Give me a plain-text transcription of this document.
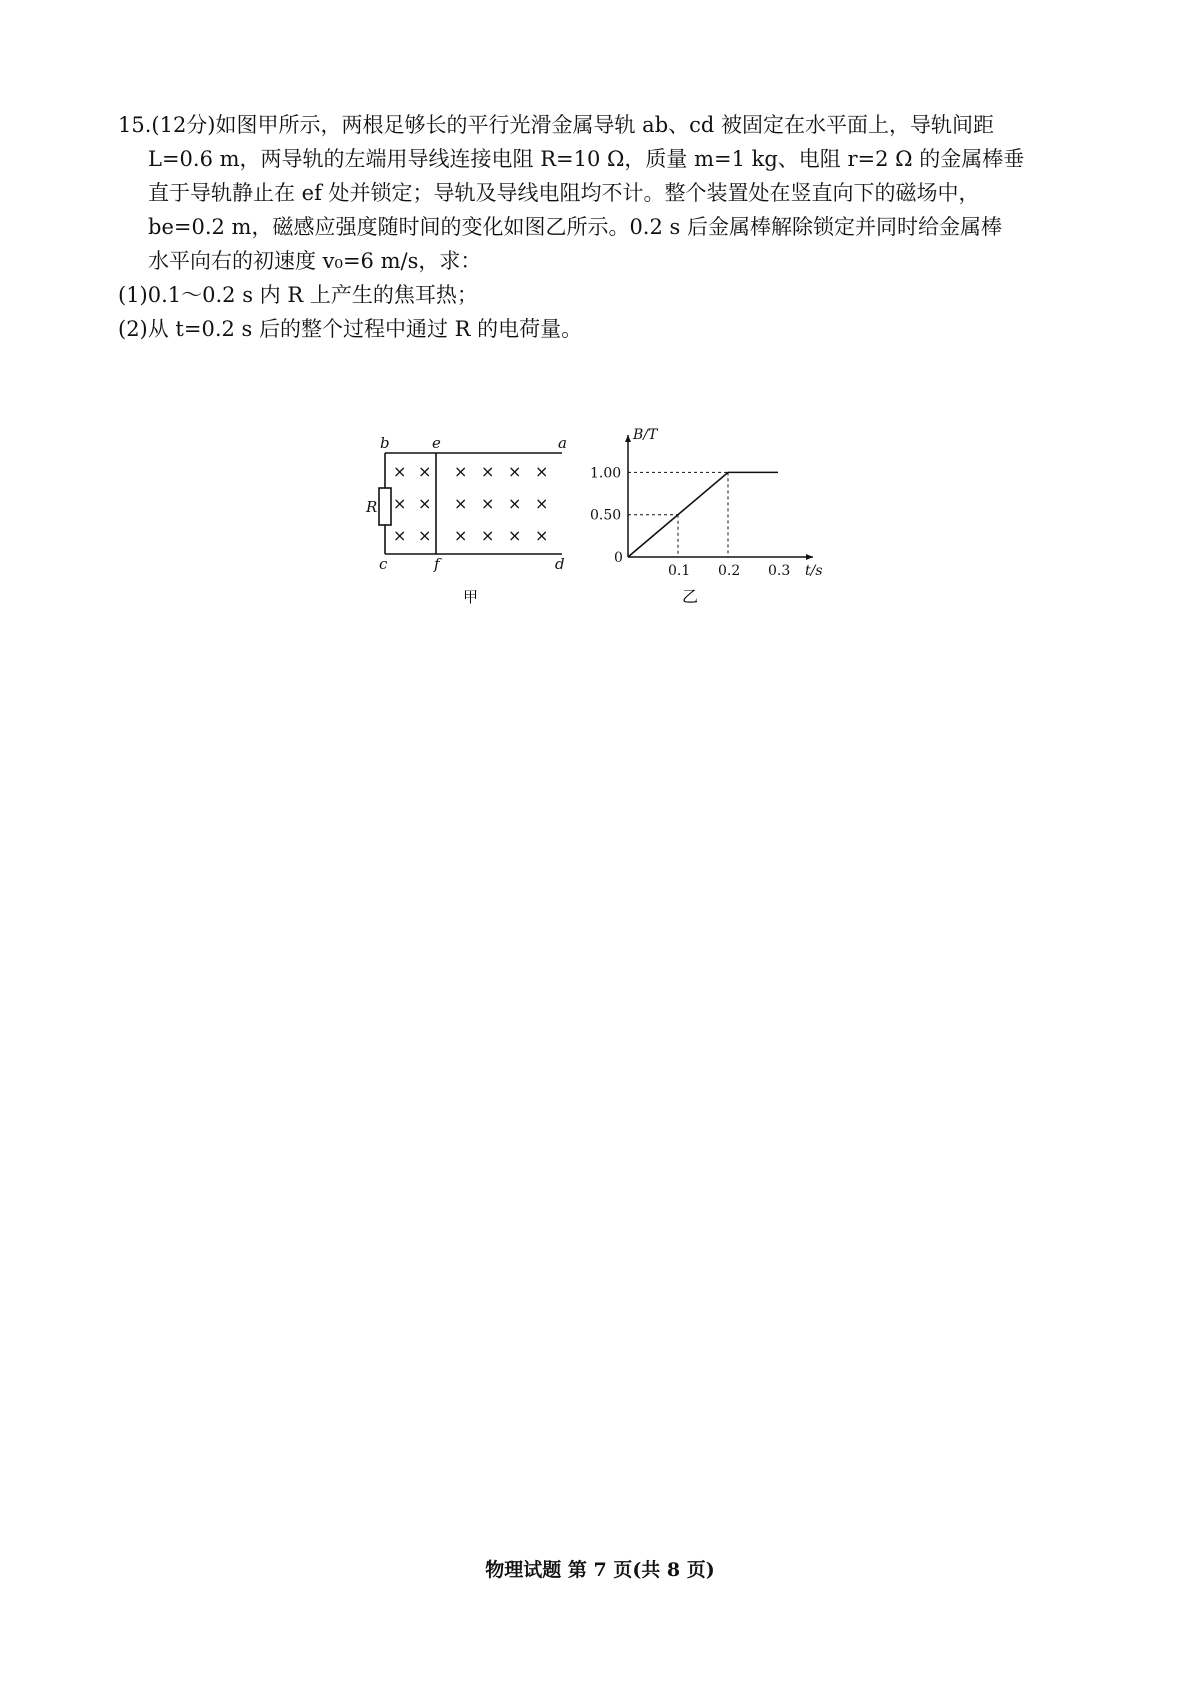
15.(12分)如图甲所示，两根足够长的平行光滑金属导轨 ab、cd 被固定在水平面上，导轨间距
L=0.6 m，两导轨的左端用导线连接电阻 R=10 Ω，质量 m=1 kg、电阻 r=2 Ω 的金属棒垂
直于导轨静止在 ef 处并锁定；导轨及导线电阻均不计。整个装置处在竖直向下的磁场中，
be=0.2 m，磁感应强度随时间的变化如图乙所示。0.2 s 后金属棒解除锁定并同时给金属棒
水平向右的初速度 v₀=6 m/s，求：
(1)0.1～0.2 s 内 R 上产生的焦耳热；
(2)从 t=0.2 s 后的整个过程中通过 R 的电荷量。
b	e	a
c	f	d
R
× × × × × ×
× × × × × ×
× × × × × ×
甲
0.1 0.2 0.3
0.50
1.00
0
B/T
t/s
乙
物理试题 第 7 页(共 8 页)
